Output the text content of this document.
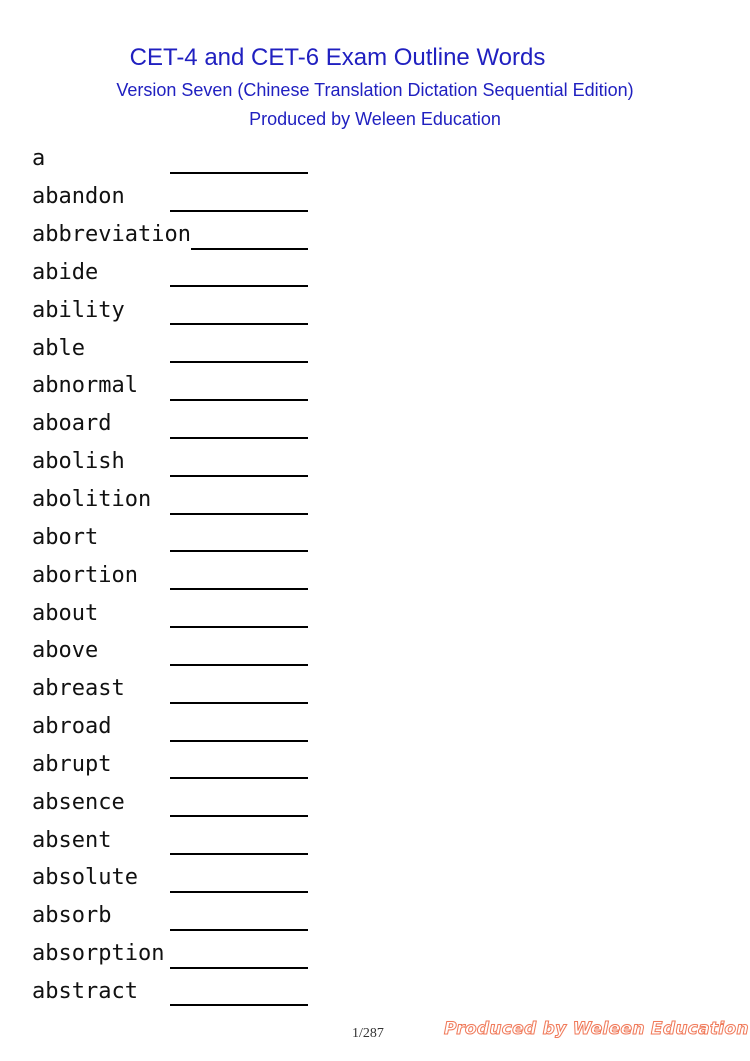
CET-4 and CET-6 Exam Outline Words
Version Seven (Chinese Translation Dictation Sequential Edition)
Produced by Weleen Education
a
abandon
abbreviation
abide
ability
able
abnormal
aboard
abolish
abolition
abort
abortion
about
above
abreast
abroad
abrupt
absence
absent
absolute
absorb
absorption
abstract
1/287	Produced by Weleen Education
